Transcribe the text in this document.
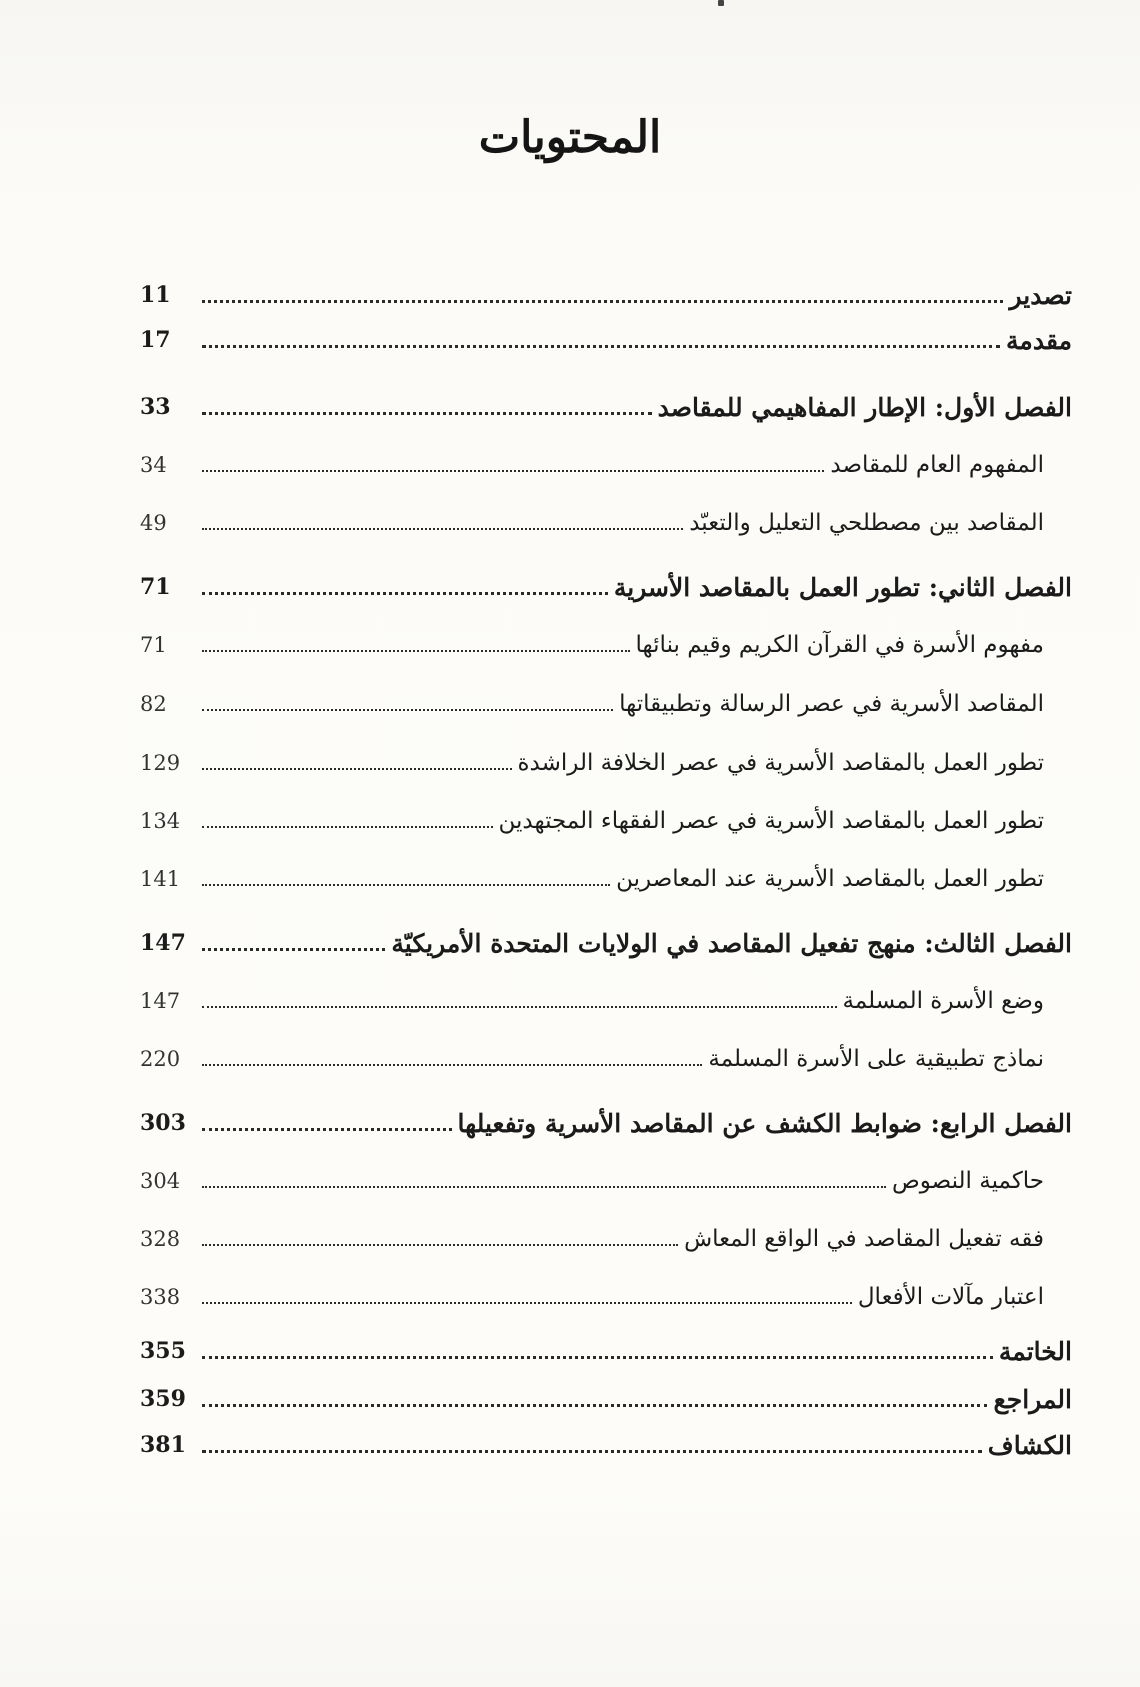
المحتويات
تصدير
11
مقدمة
17
الفصل الأول: الإطار المفاهيمي للمقاصد
33
المفهوم العام للمقاصد
34
المقاصد بين مصطلحي التعليل والتعبّد
49
الفصل الثاني: تطور العمل بالمقاصد الأسرية
71
مفهوم الأسرة في القرآن الكريم وقيم بنائها
71
المقاصد الأسرية في عصر الرسالة وتطبيقاتها
82
تطور العمل بالمقاصد الأسرية في عصر الخلافة الراشدة
129
تطور العمل بالمقاصد الأسرية في عصر الفقهاء المجتهدين
134
تطور العمل بالمقاصد الأسرية عند المعاصرين
141
الفصل الثالث: منهج تفعيل المقاصد في الولايات المتحدة الأمريكيّة
147
وضع الأسرة المسلمة
147
نماذج تطبيقية على الأسرة المسلمة
220
الفصل الرابع: ضوابط الكشف عن المقاصد الأسرية وتفعيلها
303
حاكمية النصوص
304
فقه تفعيل المقاصد في الواقع المعاش
328
اعتبار مآلات الأفعال
338
الخاتمة
355
المراجع
359
الكشاف
381
